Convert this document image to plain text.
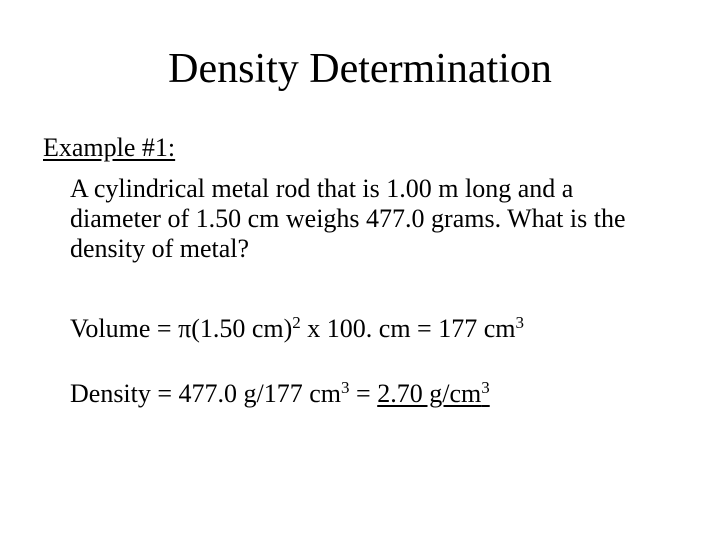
Density Determination
Example #1:
A cylindrical metal rod that is 1.00 m long and a
diameter of 1.50 cm weighs 477.0 grams. What is the
density of metal?
Volume = π(1.50 cm)$^2$ x 100. cm = 177 $cm^3$
Density = 477.0 g/177 $cm^3 = 2.70$ $g/cm^3$
